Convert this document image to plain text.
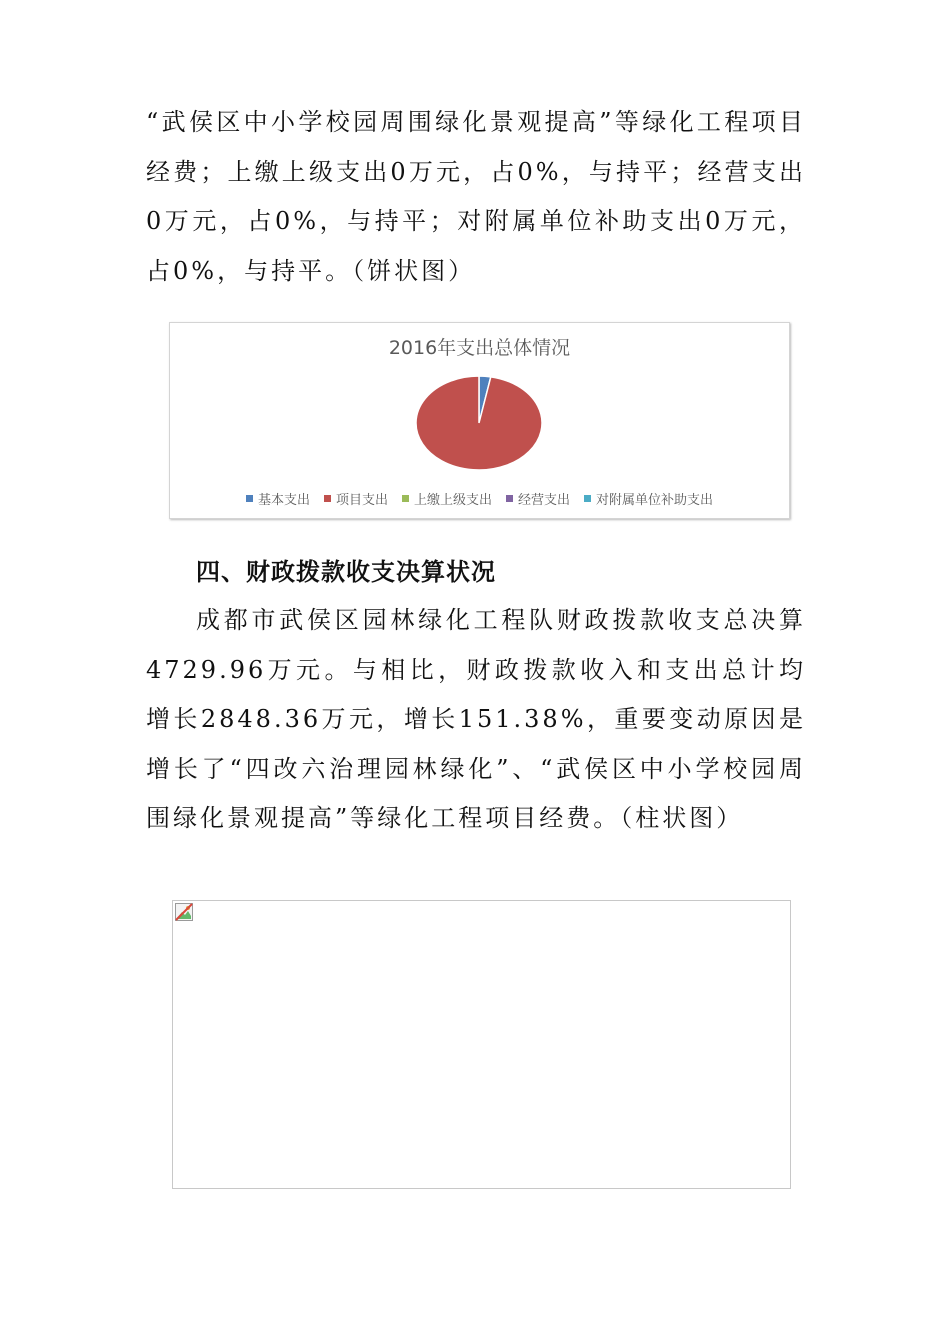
“武侯区中小学校园周围绿化景观提高”等绿化工程项目经费；上缴上级支出0万元，占0%，与持平；经营支出0万元，占0%，与持平；对附属单位补助支出0万元，占0%，与持平。（饼状图）

2016年支出总体情况
基本支出 项目支出 上缴上级支出 经营支出 对附属单位补助支出
四、财政拨款收支决算状况

成都市武侯区园林绿化工程队财政拨款收支总决算4729.96万元。与相比，财政拨款收入和支出总计均增长2848.36万元，增长151.38%，重要变动原因是增长了“四改六治理园林绿化”、“武侯区中小学校园周围绿化景观提高”等绿化工程项目经费。（柱状图）
